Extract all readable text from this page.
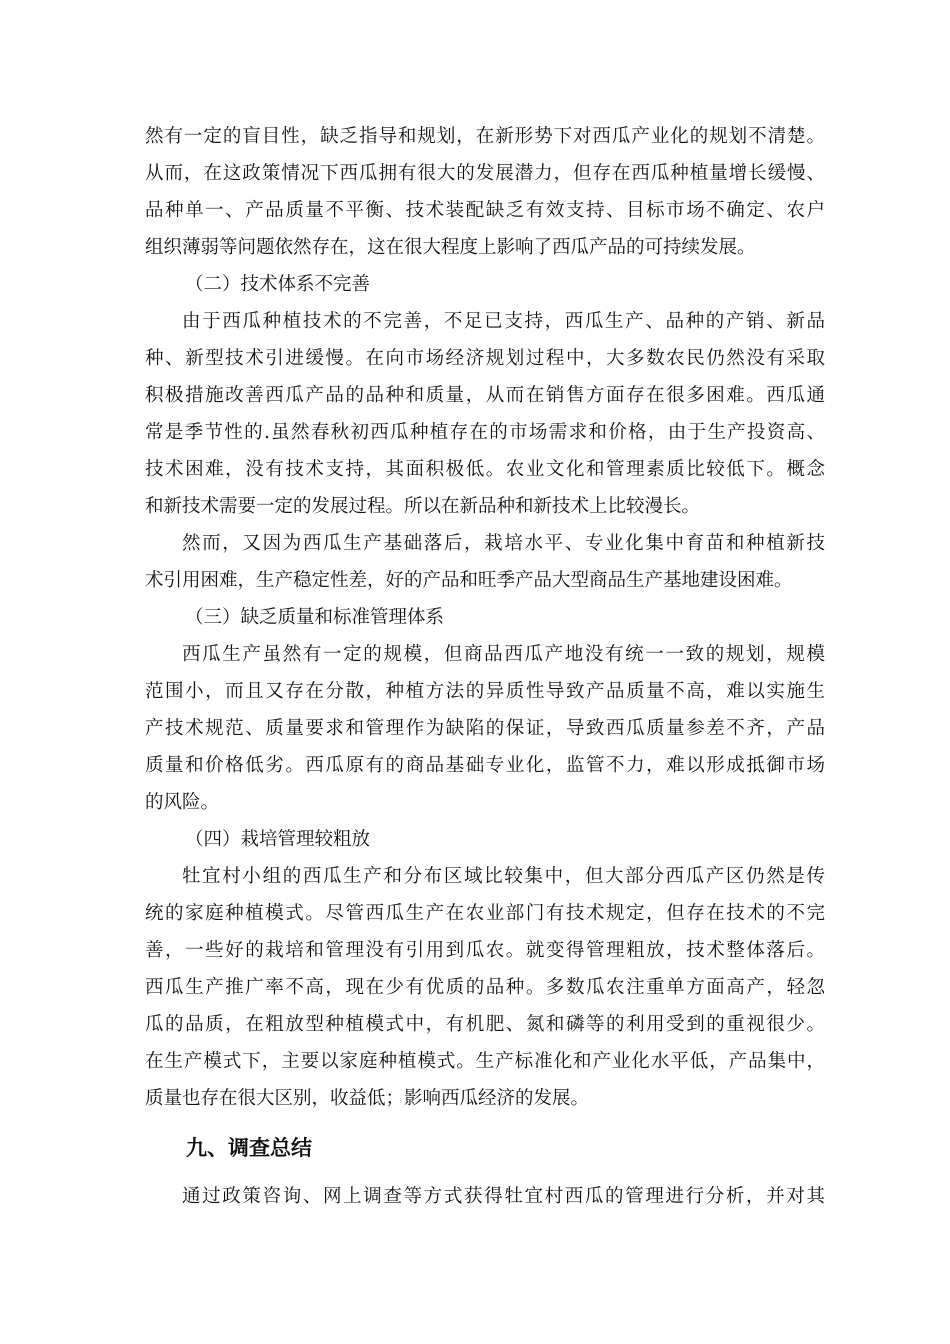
然有一定的盲目性，缺乏指导和规划，在新形势下对西瓜产业化的规划不清楚。
从而，在这政策情况下西瓜拥有很大的发展潜力，但存在西瓜种植量增长缓慢、
品种单一、产品质量不平衡、技术装配缺乏有效支持、目标市场不确定、农户
组织薄弱等问题依然存在，这在很大程度上影响了西瓜产品的可持续发展。
（二）技术体系不完善
由于西瓜种植技术的不完善，不足已支持，西瓜生产、品种的产销、新品
种、新型技术引进缓慢。在向市场经济规划过程中，大多数农民仍然没有采取
积极措施改善西瓜产品的品种和质量，从而在销售方面存在很多困难。西瓜通
常是季节性的.虽然春秋初西瓜种植存在的市场需求和价格，由于生产投资高、
技术困难，没有技术支持，其面积极低。农业文化和管理素质比较低下。概念
和新技术需要一定的发展过程。所以在新品种和新技术上比较漫长。
然而，又因为西瓜生产基础落后，栽培水平、专业化集中育苗和种植新技
术引用困难，生产稳定性差，好的产品和旺季产品大型商品生产基地建设困难。
（三）缺乏质量和标准管理体系
西瓜生产虽然有一定的规模，但商品西瓜产地没有统一一致的规划，规模
范围小，而且又存在分散，种植方法的异质性导致产品质量不高，难以实施生
产技术规范、质量要求和管理作为缺陷的保证，导致西瓜质量参差不齐，产品
质量和价格低劣。西瓜原有的商品基础专业化，监管不力，难以形成抵御市场
的风险。
（四）栽培管理较粗放
牡宜村小组的西瓜生产和分布区域比较集中，但大部分西瓜产区仍然是传
统的家庭种植模式。尽管西瓜生产在农业部门有技术规定，但存在技术的不完
善，一些好的栽培和管理没有引用到瓜农。就变得管理粗放，技术整体落后。
西瓜生产推广率不高，现在少有优质的品种。多数瓜农注重单方面高产，轻忽
瓜的品质，在粗放型种植模式中，有机肥、氮和磷等的利用受到的重视很少。
在生产模式下，主要以家庭种植模式。生产标准化和产业化水平低，产品集中，
质量也存在很大区别，收益低；影响西瓜经济的发展。
九、调查总结
通过政策咨询、网上调查等方式获得牡宜村西瓜的管理进行分析，并对其
